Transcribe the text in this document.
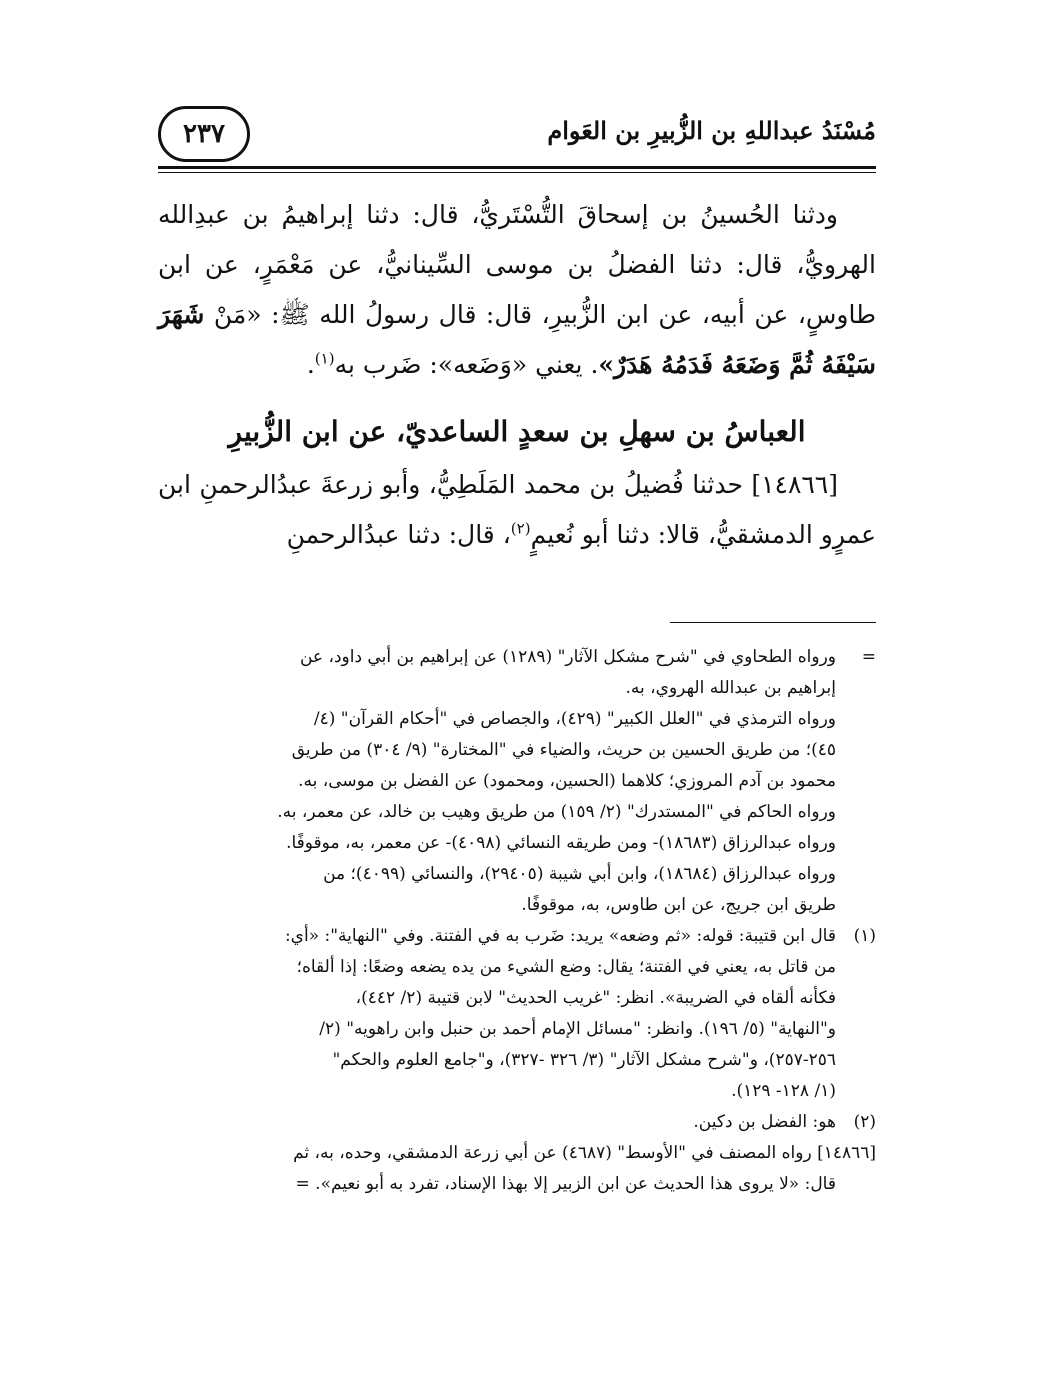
مُسْنَدُ عبداللهِ بن الزُّبيرِ بن العَوام
٢٣٧

ودثنا الحُسينُ بن إسحاقَ التُّسْتَريُّ، قال: دثنا إبراهيمُ بن عبدِالله الهرويُّ، قال: دثنا الفضلُ بن موسى السِّينانيُّ، عن مَعْمَرٍ، عن ابن طاوسٍ، عن أبيه، عن ابن الزُّبيرِ، قال: قال رسولُ الله ﷺ: «مَنْ شَهَرَ سَيْفَهُ ثُمَّ وَضَعَهُ فَدَمُهُ هَدَرٌ». يعني «وَضَعه»: ضَرب به$^{(١)}$.

العباسُ بن سهلِ بن سعدٍ الساعديّ، عن ابن الزُّبيرِ

[١٤٨٦٦] حدثنا فُضيلُ بن محمد المَلَطِيُّ، وأبو زرعةَ عبدُالرحمنِ ابن عمرٍو الدمشقيُّ، قالا: دثنا أبو نُعيمٍ$^{(٢)}$، قال: دثنا عبدُالرحمنِ

=
ورواه الطحاوي في "شرح مشكل الآثار" (١٢٨٩) عن إبراهيم بن أبي داود، عن
إبراهيم بن عبدالله الهروي، به.
ورواه الترمذي في "العلل الكبير" (٤٢٩)، والجصاص في "أحكام القرآن" (٤/
٤٥)؛ من طريق الحسين بن حريث، والضياء في "المختارة" (٩/ ٣٠٤) من طريق
محمود بن آدم المروزي؛ كلاهما (الحسين، ومحمود) عن الفضل بن موسى، به.
ورواه الحاكم في "المستدرك" (٢/ ١٥٩) من طريق وهيب بن خالد، عن معمر، به.
ورواه عبدالرزاق (١٨٦٨٣)- ومن طريقه النسائي (٤٠٩٨)- عن معمر، به، موقوفًا.
ورواه عبدالرزاق (١٨٦٨٤)، وابن أبي شيبة (٢٩٤٠٥)، والنسائي (٤٠٩٩)؛ من
طريق ابن جريج، عن ابن طاوس، به، موقوفًا.
(١)
قال ابن قتيبة: قوله: «ثم وضعه» يريد: ضَرب به في الفتنة. وفي "النهاية": «أي:
من قاتل به، يعني في الفتنة؛ يقال: وضع الشيء من يده يضعه وضعًا: إذا ألقاه؛
فكأنه ألقاه في الضريبة». انظر: "غريب الحديث" لابن قتيبة (٢/ ٤٤٢)،
و"النهاية" (٥/ ١٩٦). وانظر: "مسائل الإمام أحمد بن حنبل وابن راهويه" (٢/
٢٥٦-٢٥٧)، و"شرح مشكل الآثار" (٣/ ٣٢٦ -٣٢٧)، و"جامع العلوم والحكم"
(١/ ١٢٨- ١٢٩).
(٢)
هو: الفضل بن دكين.
[١٤٨٦٦] رواه المصنف في "الأوسط" (٤٦٨٧) عن أبي زرعة الدمشقي، وحده، به، ثم
قال: «لا يروى هذا الحديث عن ابن الزبير إلا بهذا الإسناد، تفرد به أبو نعيم». =
